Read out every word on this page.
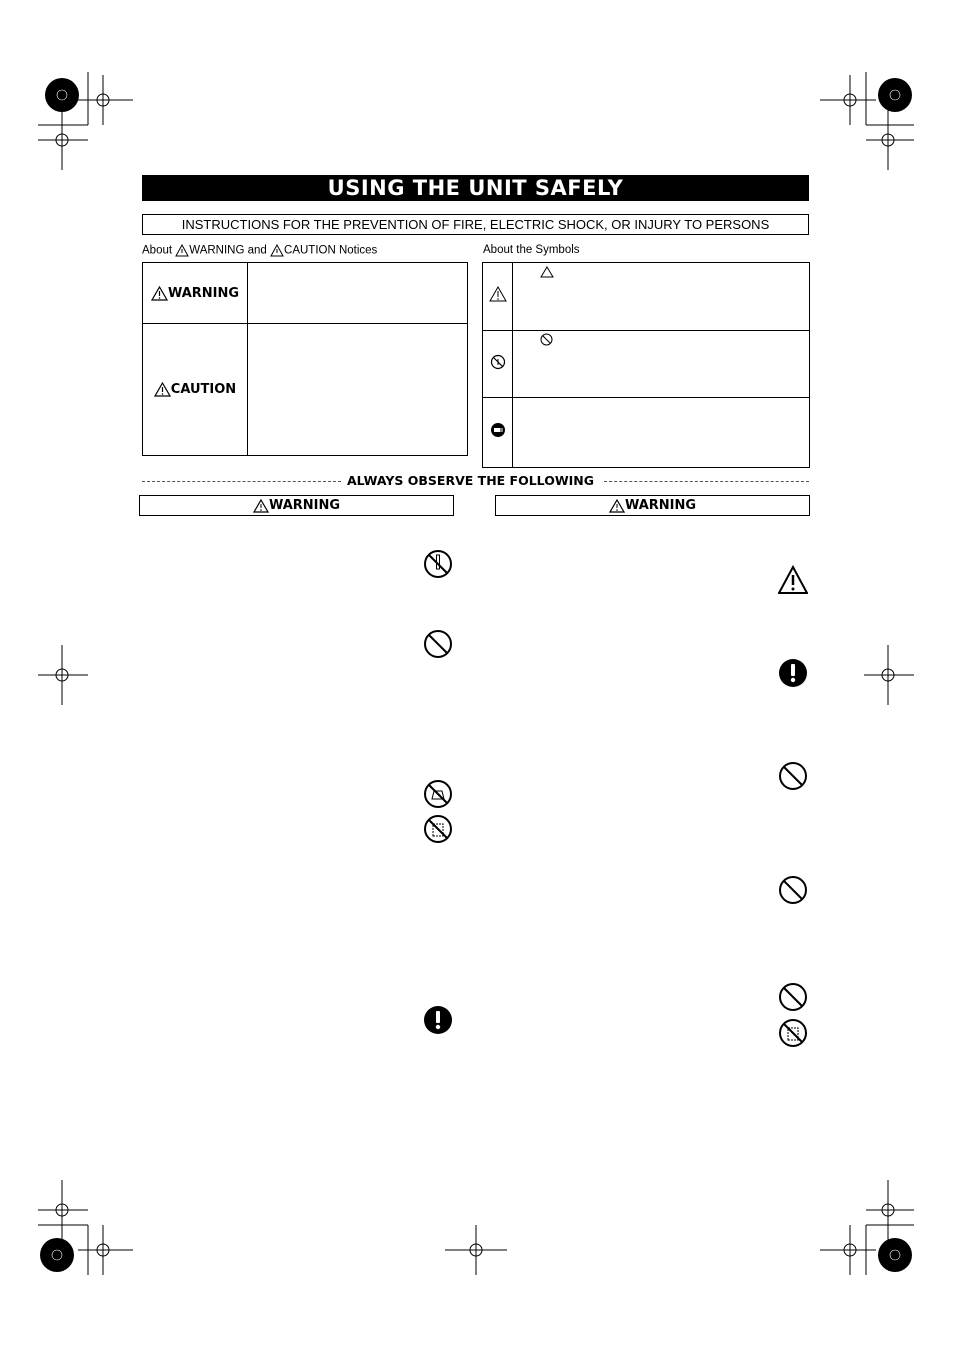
USING THE UNIT SAFELY
INSTRUCTIONS FOR THE PREVENTION OF FIRE, ELECTRIC SHOCK, OR INJURY TO PERSONS
About WARNING and CAUTION Notices
WARNING	

CAUTION	

About the Symbols

ALWAYS OBSERVE THE FOLLOWING
WARNING	WARNING
